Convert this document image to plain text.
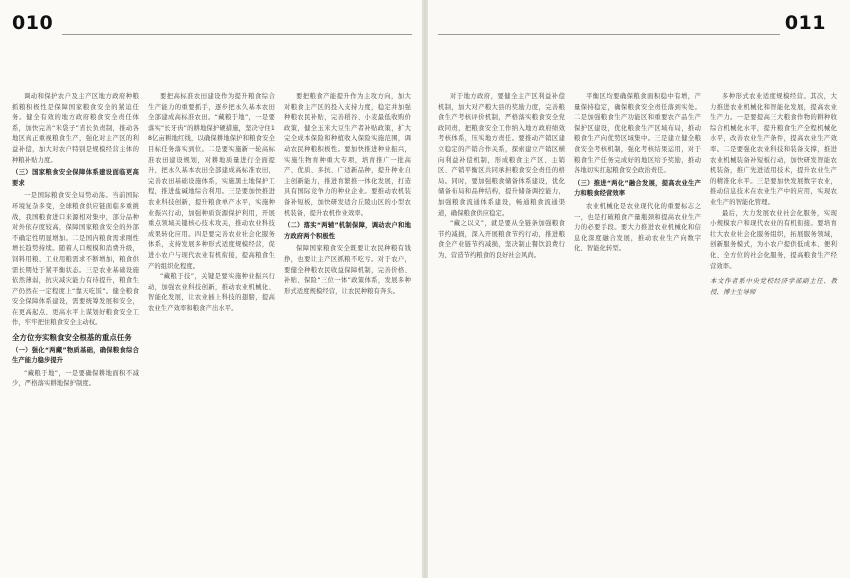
010	011

调动和保护农户及主产区地方政府种粮抓粮积极性是保障国家粮食安全的紧迫任务。健全有效的地方政府粮食安全责任体系，加快完善“米袋子”省长负责制，推动各地区真正重视粮食生产，强化对主产区的利益补偿，加大对农户特别是规模经营主体的种粮补贴力度。

（三）国家粮食安全保障体系建设面临更高要求

一是国际粮食安全局势动荡。当前国际环境复杂多变，全球粮食供应链面临多重挑战，我国粮食进口来源相对集中，部分品种对外依存度较高，保障国家粮食安全的外部不确定性明显增加。二是国内粮食需求刚性增长趋势持续。随着人口规模和消费升级，饲料用粮、工业用粮需求不断增加，粮食供需长期处于紧平衡状态。三是农业基础设施依然薄弱，抗灾减灾能力有待提升，粮食生产仍然在一定程度上“靠天吃饭”。健全粮食安全保障体系建设，需要统筹发展和安全，在更高起点、更高水平上谋划好粮食安全工作，牢牢把住粮食安全主动权。

全方位夯实粮食安全根基的重点任务

（一）强化“两藏”物质基础，确保粮食综合生产能力稳步提升

“藏粮于地”，一是要确保耕地面积不减少，严格落实耕地保护制度。

要把高标准农田建设作为提升粮食综合生产能力的重要抓手，逐步把永久基本农田全部建成高标准农田。“藏粮于地”，一是要落实“长牙齿”的耕地保护硬措施，坚决守住18亿亩耕地红线，以确保耕地保护和粮食安全目标任务落实到位。二是要实施新一轮高标准农田建设规划，对耕地质量进行全面提升，把永久基本农田全部建成高标准农田，完善农田基础设施体系，实施黑土地保护工程，推进盐碱地综合利用。三是要加快推进农业科技创新，提升粮食单产水平，实施种业振兴行动，加强种质资源保护利用，开展重点领域关键核心技术攻关，推动农业科技成果转化应用。四是要完善农业社会化服务体系，支持发展多种形式适度规模经营，促进小农户与现代农业有机衔接，提高粮食生产的组织化程度。

“藏粮于技”，关键是要实施种业振兴行动，加强农业科技创新，推动农业机械化、智能化发展，让农业插上科技的翅膀，提高农业生产效率和粮食产出水平。

要把粮食产能提升作为主攻方向，加大对粮食主产区的投入支持力度，稳定并加强种粮农民补贴，完善稻谷、小麦最低收购价政策，健全玉米大豆生产者补贴政策，扩大完全成本保险和种植收入保险实施范围，调动农民种粮积极性。要加快推进种业振兴，实施生物育种重大专项，培育推广一批高产、优质、多抗、广适新品种，提升种业自主创新能力，推进育繁推一体化发展，打造具有国际竞争力的种业企业。要推动农机装备补短板，加快研发适合丘陵山区的小型农机装备，提升农机作业效率。

（二）落实“两辅”机制保障，调动农户和地方政府两个积极性

保障国家粮食安全既要让农民种粮有钱挣，也要让主产区抓粮不吃亏。对于农户，要健全种粮农民收益保障机制，完善价格、补贴、保险“三位一体”政策体系，发展多种形式适度规模经营，让农民种粮有奔头。

对于地方政府，要健全主产区利益补偿机制，加大对产粮大县的奖励力度，完善粮食生产考核评价机制，严格落实粮食安全党政同责，把粮食安全工作纳入地方政府绩效考核体系，压实地方责任。要推动产销区建立稳定的产销合作关系，探索建立产销区横向利益补偿机制，形成粮食主产区、主销区、产销平衡区共同承担粮食安全责任的格局。同时，要加强粮食储备体系建设，优化储备布局和品种结构，提升储备调控能力，加强粮食流通体系建设，畅通粮食流通渠道，确保粮食供应稳定。

“藏之以义”，就是要从全链条加强粮食节约减损，深入开展粮食节约行动，推进粮食全产业链节约减损，坚决制止餐饮浪费行为，营造节约粮食的良好社会风尚。

平衡区均要确保粮食面积稳中有增，产量保持稳定，确保粮食安全责任落到实处。二是加强粮食生产功能区和重要农产品生产保护区建设，优化粮食生产区域布局，推动粮食生产向优势区域集中。三是建立健全粮食安全考核机制，强化考核结果运用，对于粮食生产任务完成好的地区给予奖励，推动各地切实扛起粮食安全政治责任。

（三）推进“两化”融合发展，提高农业生产力和粮食经营效率

农业机械化是农业现代化的重要标志之一，也是打破粮食产量瓶颈和提高农业生产力的必要手段。要大力推进农业机械化和信息化深度融合发展，推动农业生产向数字化、智能化转型。

多种形式农业适度规模经营。其次，大力推进农业机械化和智能化发展，提高农业生产力。一是要提高三大粮食作物的耕种收综合机械化水平，提升粮食生产全程机械化水平，改善农业生产条件，提高农业生产效率。二是要强化农业科技和装备支撑，推进农业机械装备补短板行动，加快研发智能农机装备，推广先进适用技术，提升农业生产的精准化水平。三是要加快发展数字农业，推动信息技术在农业生产中的应用，实现农业生产的智能化管理。

最后，大力发展农业社会化服务，实现小规模农户和现代农业的有机衔接。要培育壮大农业社会化服务组织，拓展服务领域，创新服务模式，为小农户提供低成本、便利化、全方位的社会化服务，提高粮食生产经营效率。

本文作者系中央党校经济学部副主任、教授、博士生导师
